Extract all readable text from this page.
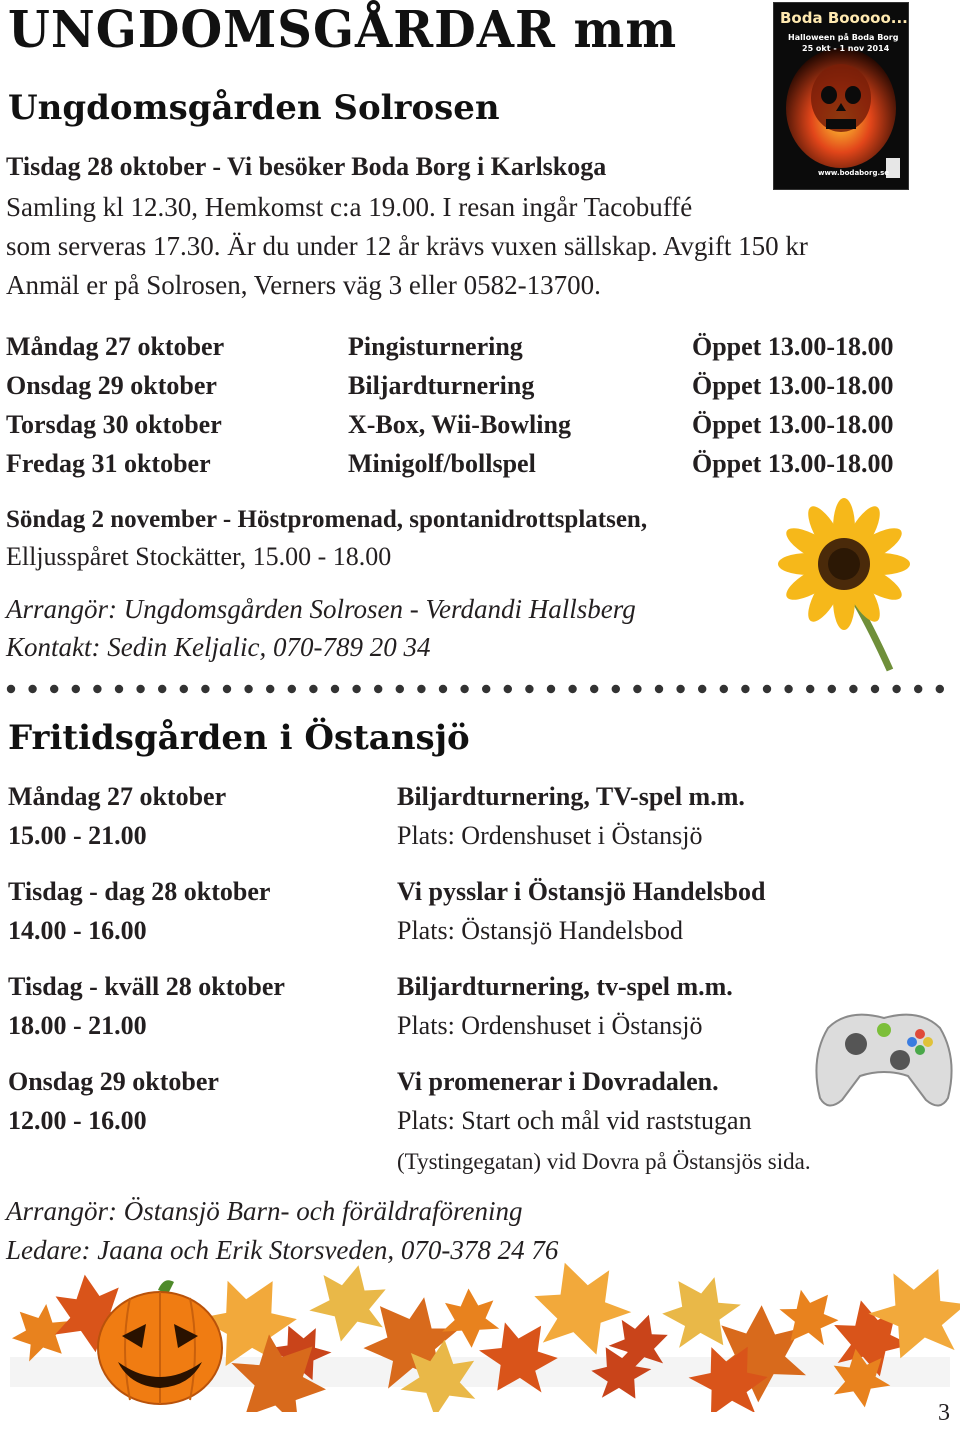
UNGDOMSGÅRDAR mm	Boda Booooo...
Halloween på Boda Borg
25 okt - 1 nov 2014
www.bodaborg.se
Ungdomsgården Solrosen
Tisdag 28 oktober - Vi besöker Boda Borg i Karlskoga
Samling kl 12.30, Hemkomst c:a 19.00. I resan ingår Tacobuffé
som serveras 17.30. Är du under 12 år krävs vuxen sällskap. Avgift 150 kr
Anmäl er på Solrosen, Verners väg 3 eller 0582-13700.
Måndag 27 oktober	Pingisturnering	Öppet 13.00-18.00
Onsdag 29 oktober	Biljardturnering	Öppet 13.00-18.00
Torsdag 30 oktober	X-Box, Wii-Bowling	Öppet 13.00-18.00
Fredag 31 oktober	Minigolf/bollspel	Öppet 13.00-18.00
Söndag 2 november - Höstpromenad, spontanidrottsplatsen,
Elljusspåret Stockätter, 15.00 - 18.00
Arrangör: Ungdomsgården Solrosen - Verdandi Hallsberg
Kontakt: Sedin Keljalic, 070-789 20 34
Fritidsgården i Östansjö
Måndag 27 oktober
15.00 - 21.00
Biljardturnering, TV-spel m.m.
Plats: Ordenshuset i Östansjö
Tisdag - dag 28 oktober
14.00 - 16.00
Vi pysslar i Östansjö Handelsbod
Plats: Östansjö Handelsbod
Tisdag - kväll 28 oktober
18.00 - 21.00
Biljardturnering, tv-spel m.m.
Plats: Ordenshuset i Östansjö
Onsdag 29 oktober
12.00 - 16.00
Vi promenerar i Dovradalen.
Plats: Start och mål vid raststugan
(Tystingegatan) vid Dovra på Östansjös sida.
Arrangör: Östansjö Barn- och föräldraförening
Ledare: Jaana och Erik Storsveden, 070-378 24 76
3
